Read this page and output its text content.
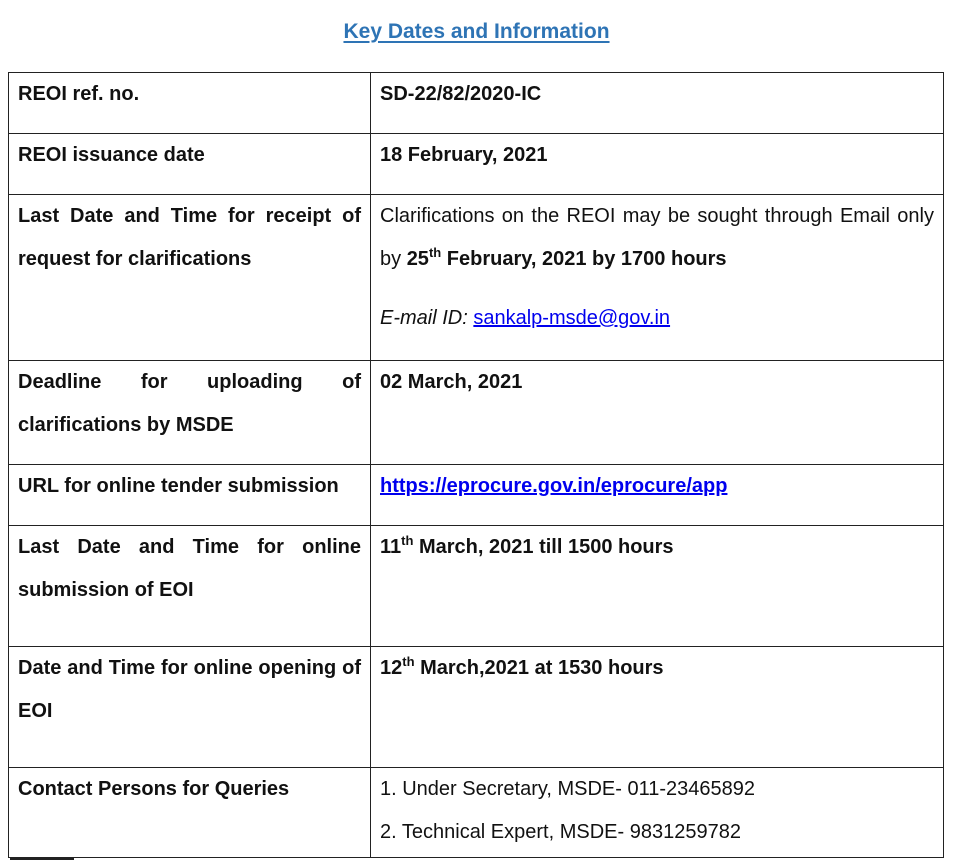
Key Dates and Information
REOI ref. no.	SD-22/82/2020-IC
REOI issuance date	18 February, 2021
Last Date and Time for receipt of request for clarifications	Clarifications on the REOI may be sought through Email only by 25th February, 2021 by 1700 hours
E-mail ID: sankalp-msde@gov.in

Deadline for uploading of clarifications by MSDE	02 March, 2021
URL for online tender submission	https://eprocure.gov.in/eprocure/app
Last Date and Time for online submission of EOI	11th March, 2021 till 1500 hours
Date and Time for online opening of EOI	12th March,2021 at 1530 hours
Contact Persons for Queries	1. Under Secretary, MSDE- 011-23465892
2. Technical Expert, MSDE- 9831259782
